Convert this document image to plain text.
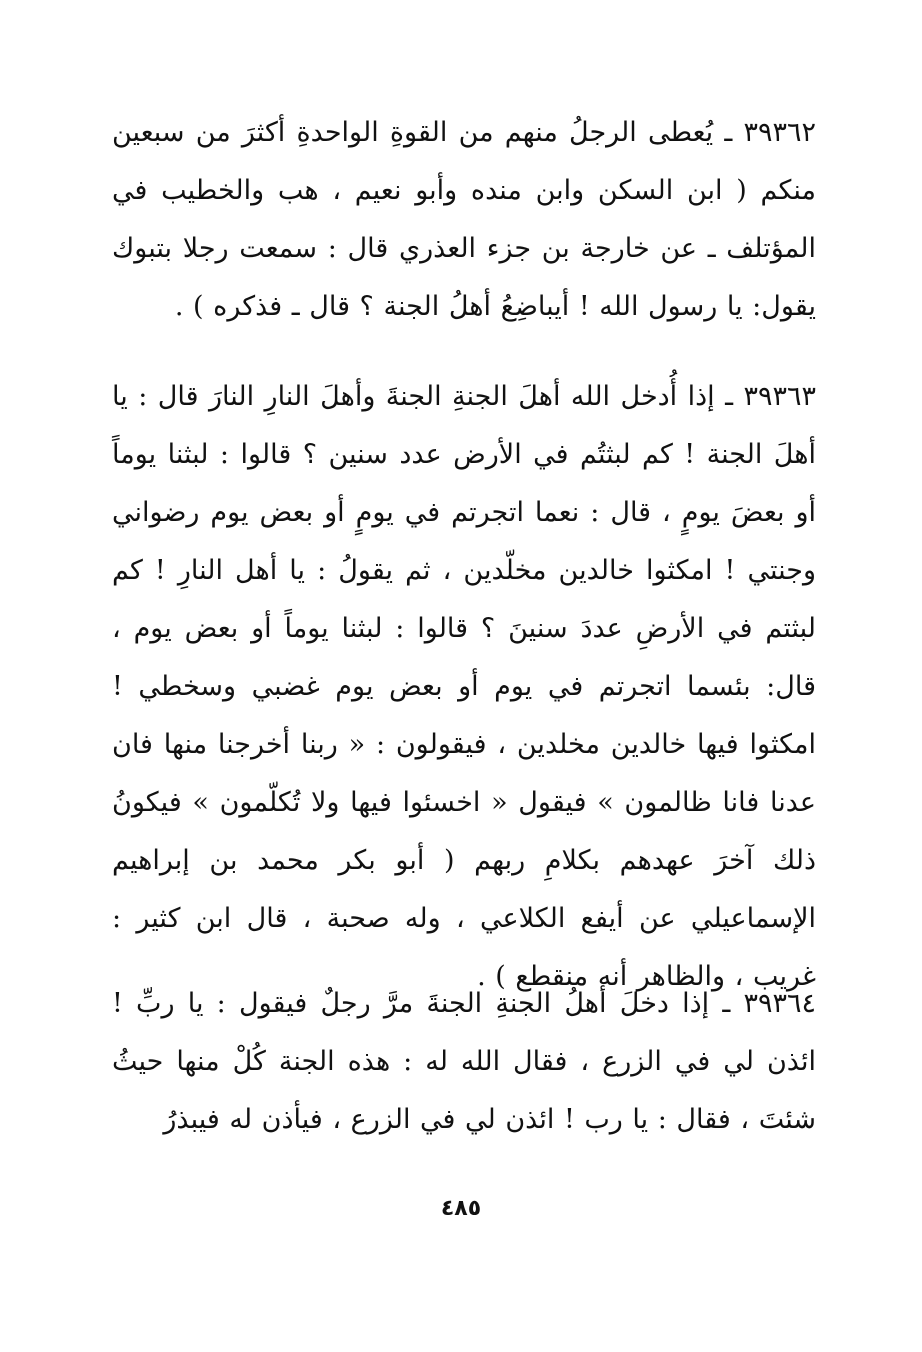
٣٩٣٦٢ ـ يُعطى الرجلُ منهم من القوةِ الواحدةِ أكثرَ من سبعين منكم ( ابن السكن وابن منده وأبو نعيم ، هب والخطيب في المؤتلف ـ عن خارجة بن جزء العذري قال : سمعت رجلا بتبوك يقول: يا رسول الله ! أيباضِعُ أهلُ الجنة ؟ قال ـ فذكره ) .

٣٩٣٦٣ ـ إذا أُدخل الله أهلَ الجنةِ الجنةَ وأهلَ النارِ النارَ قال : يا أهلَ الجنة ! كم لبثتُم في الأرض عدد سنين ؟ قالوا : لبثنا يوماً أو بعضَ يومٍ ، قال : نعما اتجرتم في يومٍ أو بعض يوم رضواني وجنتي ! امكثوا خالدين مخلّدين ، ثم يقولُ : يا أهل النارِ ! كم لبثتم في الأرضِ عددَ سنينَ ؟ قالوا : لبثنا يوماً أو بعض يوم ، قال: بئسما اتجرتم في يوم أو بعض يوم غضبي وسخطي ! امكثوا فيها خالدين مخلدين ، فيقولون : « ربنا أخرجنا منها فان عدنا فانا ظالمون » فيقول « اخسئوا فيها ولا تُكلّمون » فيكونُ ذلك آخرَ عهدهم بكلامِ ربهم ( أبو بكر محمد بن إبراهيم الإسماعيلي عن أيفع الكلاعي ، وله صحبة ، قال ابن كثير : غريب ، والظاهر أنه منقطع ) .

٣٩٣٦٤ ـ إذا دخلَ أهلُ الجنةِ الجنةَ مرَّ رجلٌ فيقول : يا ربِّ ! ائذن لي في الزرع ، فقال الله له : هذه الجنة كُلْ منها حيثُ شئتَ ، فقال : يا رب ! ائذن لي في الزرع ، فيأذن له فيبذرُ

٤٨٥
